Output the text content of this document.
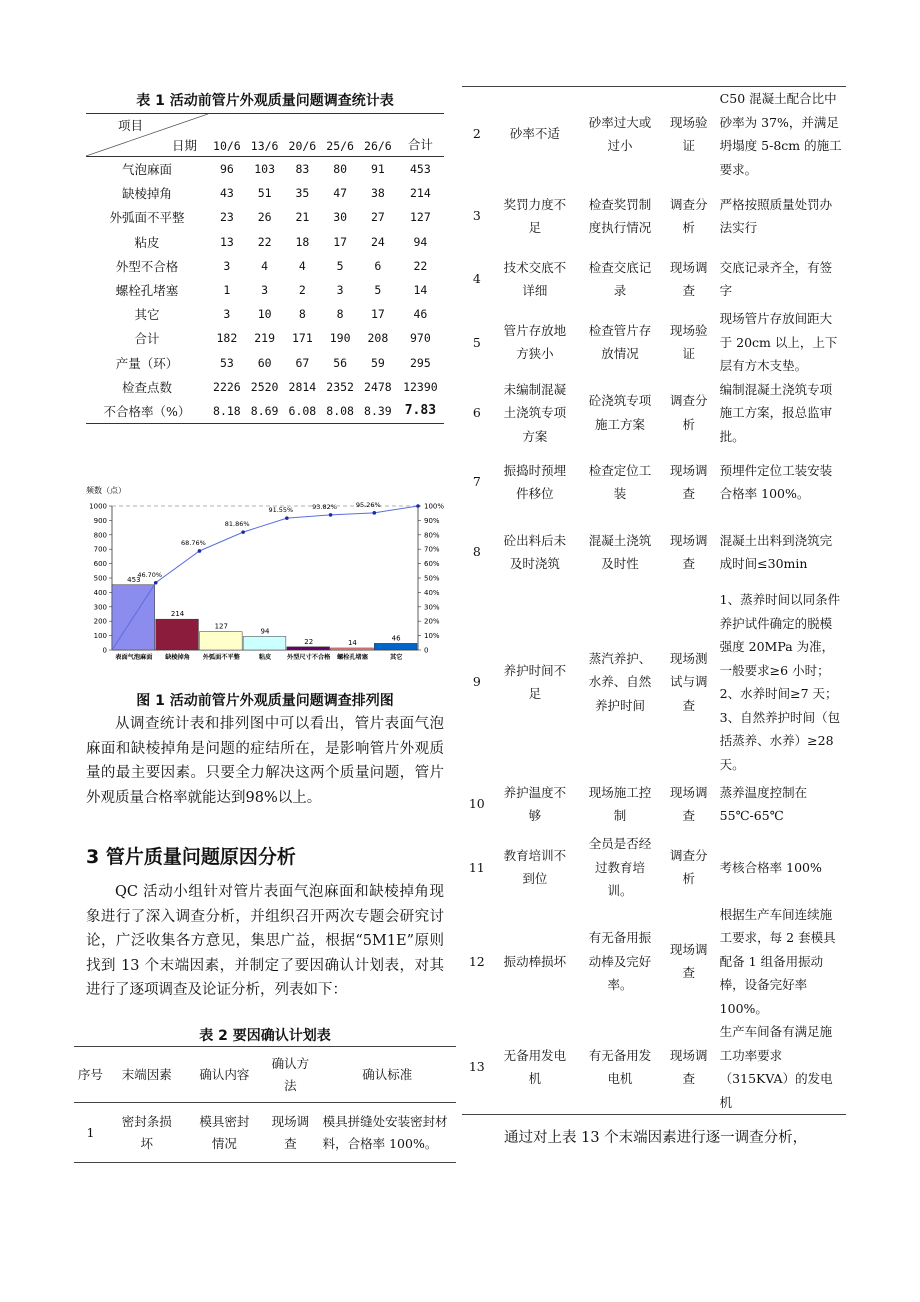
表 1 活动前管片外观质量问题调查统计表
项目
日期	10/6	13/6	20/6	25/6	26/6	合计
气泡麻面	96	103	83	80	91	453
缺棱掉角	43	51	35	47	38	214
外弧面不平整	23	26	21	30	27	127
粘皮	13	22	18	17	24	94
外型不合格	3	4	4	5	6	22
螺栓孔堵塞	1	3	2	3	5	14
其它	3	10	8	8	17	46
合计	182	219	171	190	208	970
产量（环）	53	60	67	56	59	295
检查点数	2226	2520	2814	2352	2478	12390
不合格率（%）	8.18	8.69	6.08	8.08	8.39	7.83
频数（点）
0
100
200
300
400
500
600
700
800
900
1000
0
10%
20%
30%
40%
50%
60%
70%
80%
90%
100%
453
表面气泡麻面
214
缺棱掉角
127
外弧面不平整
94
粘皮
22
外型尺寸不合格
14
螺栓孔堵塞
46
其它
46.70%
68.76%
81.86%
91.55%	93.82%	95.26%
图 1 活动前管片外观质量问题调查排列图
从调查统计表和排列图中可以看出，管片表面气泡麻面和缺棱掉角是问题的症结所在，是影响管片外观质量的最主要因素。只要全力解决这两个质量问题，管片外观质量合格率就能达到98%以上。
3 管片质量问题原因分析
QC 活动小组针对管片表面气泡麻面和缺棱掉角现象进行了深入调查分析，并组织召开两次专题会研究讨论，广泛收集各方意见，集思广益，根据“5M1E”原则找到 13 个末端因素，并制定了要因确认计划表，对其进行了逐项调查及论证分析，列表如下：
表 2 要因确认计划表
序号	末端因素	确认内容	确认方法	确认标准
1	密封条损坏	模具密封情况	现场调查	模具拼缝处安装密封材料，合格率 100%。
2	砂率不适	砂率过大或过小	现场验证	C50 混凝土配合比中砂率为 37%，并满足坍塌度 5-8cm 的施工要求。
3	奖罚力度不足	检查奖罚制度执行情况	调查分析	严格按照质量处罚办法实行
4	技术交底不详细	检查交底记录	现场调查	交底记录齐全，有签字
5	管片存放地方狭小	检查管片存放情况	现场验证	现场管片存放间距大于 20cm 以上，上下层有方木支垫。
6	未编制混凝土浇筑专项方案	砼浇筑专项施工方案	调查分析	编制混凝土浇筑专项施工方案，报总监审批。
7	振捣时预埋件移位	检查定位工装	现场调查	预埋件定位工装安装合格率 100%。
8	砼出料后未及时浇筑	混凝土浇筑及时性	现场调查	混凝土出料到浇筑完成时间≤30min
9	养护时间不足	蒸汽养护、水养、自然养护时间	现场测试与调查	1、蒸养时间以同条件养护试件确定的脱模强度 20MPa 为准，一般要求≥6 小时；2、水养时间≥7 天；3、自然养护时间（包括蒸养、水养）≥28 天。
10	养护温度不够	现场施工控制	现场调查	蒸养温度控制在 55℃-65℃
11	教育培训不到位	全员是否经过教育培训。	调查分析	考核合格率 100%
12	振动棒损坏	有无备用振动棒及完好率。	现场调查	根据生产车间连续施工要求，每 2 套模具配备 1 组备用振动棒，设备完好率 100%。
13	无备用发电机	有无备用发电机	现场调查	生产车间备有满足施工功率要求（315KVA）的发电机
通过对上表 13 个末端因素进行逐一调查分析，
